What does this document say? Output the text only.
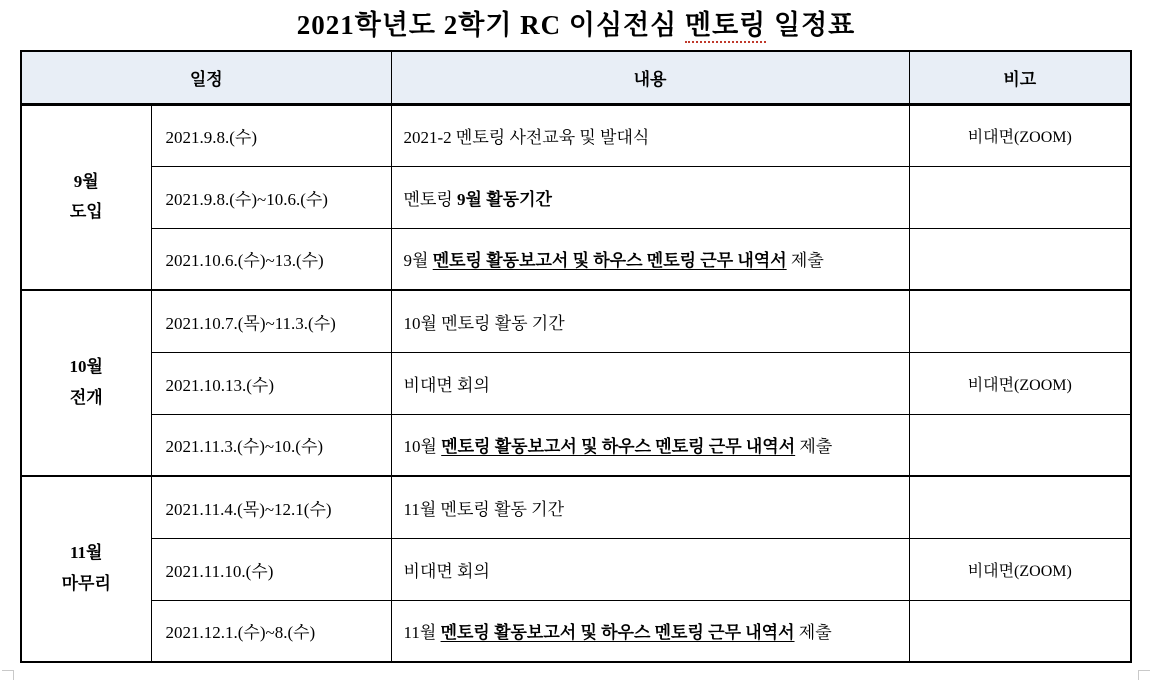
2021학년도 2학기 RC 이심전심 멘토링 일정표
일정		내용	비고
9월
도입	2021.9.8.(수)	2021-2 멘토링 사전교육 및 발대식	비대면(ZOOM)
	2021.9.8.(수)~10.6.(수)	멘토링 9월 활동기간	
	2021.10.6.(수)~13.(수)	9월 멘토링 활동보고서 및 하우스 멘토링 근무 내역서 제출	
10월
전개	2021.10.7.(목)~11.3.(수)	10월 멘토링 활동 기간	
	2021.10.13.(수)	비대면 회의	비대면(ZOOM)
	2021.11.3.(수)~10.(수)	10월 멘토링 활동보고서 및 하우스 멘토링 근무 내역서 제출	
11월
마무리	2021.11.4.(목)~12.1(수)	11월 멘토링 활동 기간	
	2021.11.10.(수)	비대면 회의	비대면(ZOOM)
	2021.12.1.(수)~8.(수)	11월 멘토링 활동보고서 및 하우스 멘토링 근무 내역서 제출	
